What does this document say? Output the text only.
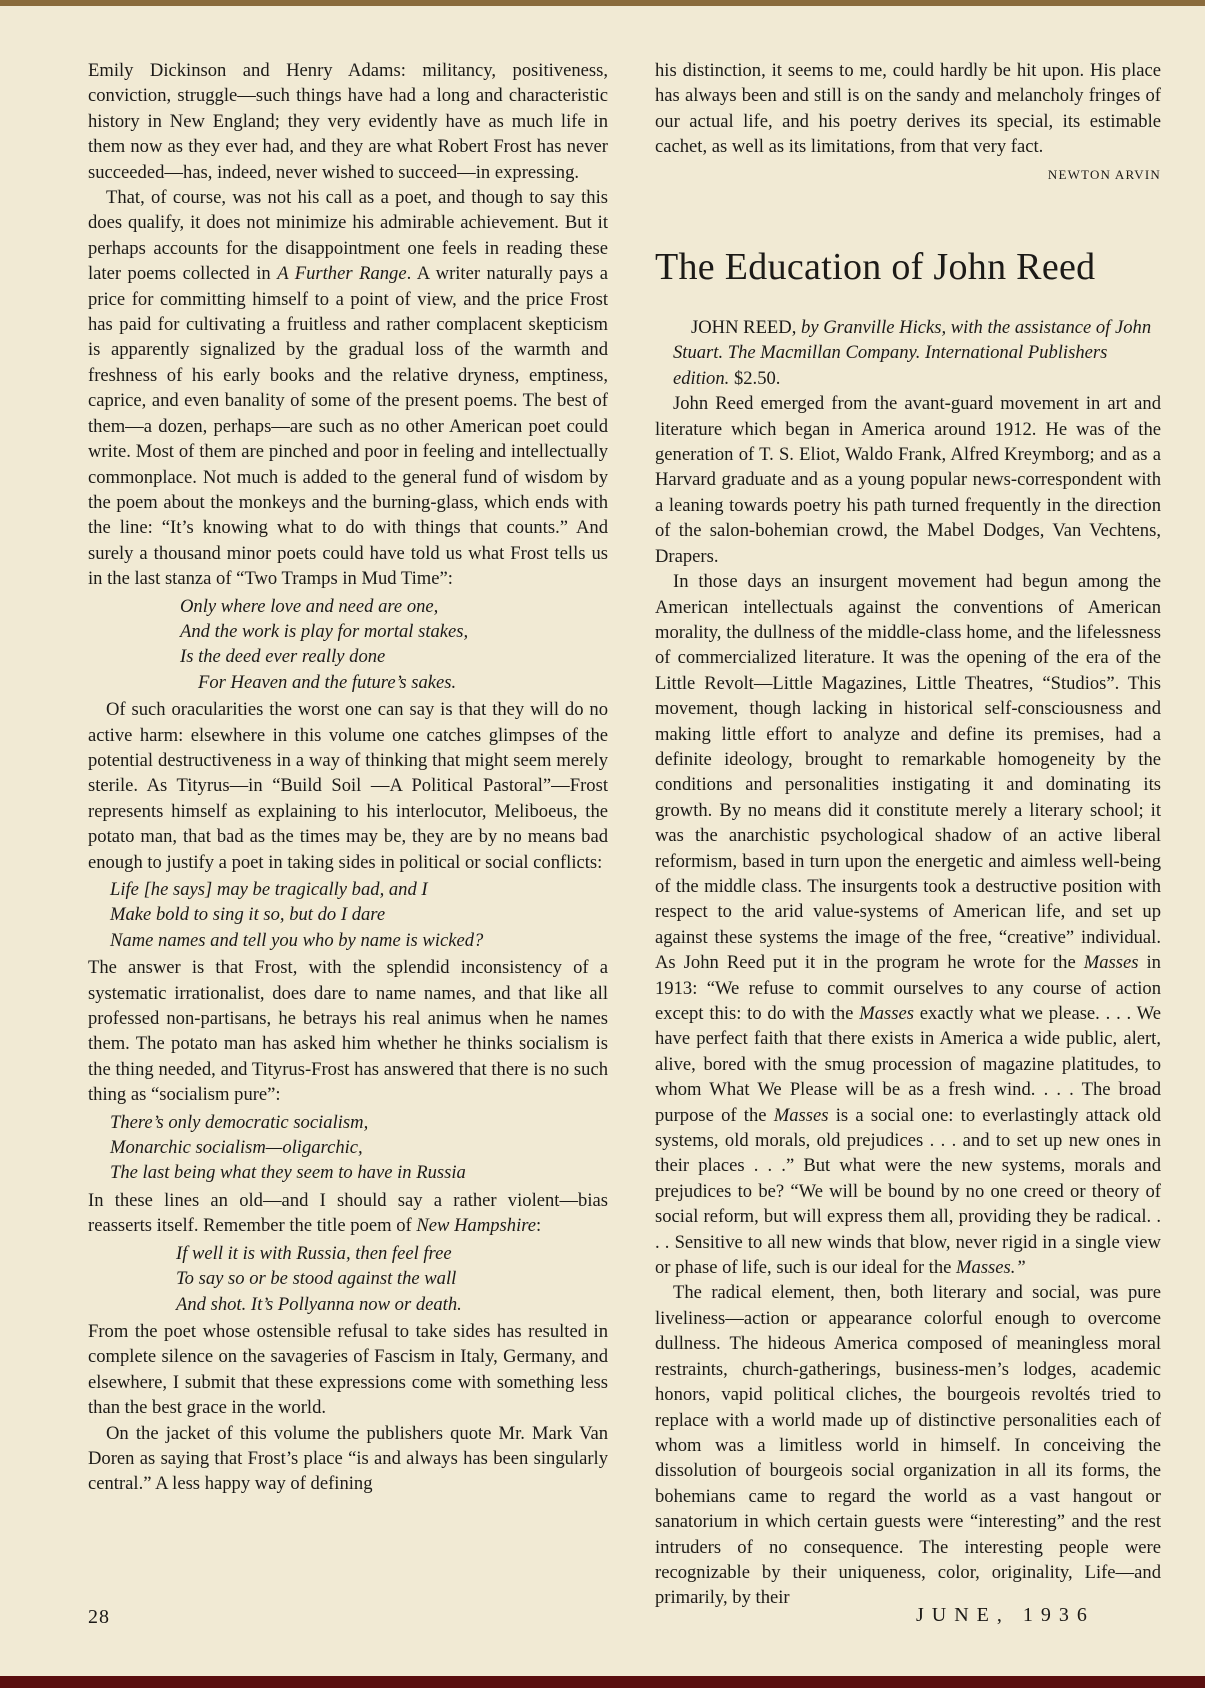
Emily Dickinson and Henry Adams: militancy, positiveness, conviction, struggle—such things have had a long and characteristic history in New England; they very evidently have as much life in them now as they ever had, and they are what Robert Frost has never succeeded—has, indeed, never wished to succeed—in expressing.

That, of course, was not his call as a poet, and though to say this does qualify, it does not minimize his admirable achievement. But it perhaps accounts for the disappointment one feels in reading these later poems collected in A Further Range. A writer naturally pays a price for committing himself to a point of view, and the price Frost has paid for cultivating a fruitless and rather complacent skepticism is apparently signalized by the gradual loss of the warmth and freshness of his early books and the relative dryness, emptiness, caprice, and even banality of some of the present poems. The best of them—a dozen, perhaps—are such as no other American poet could write. Most of them are pinched and poor in feeling and intellectually commonplace. Not much is added to the general fund of wisdom by the poem about the monkeys and the burning-glass, which ends with the line: “It’s knowing what to do with things that counts.” And surely a thousand minor poets could have told us what Frost tells us in the last stanza of “Two Tramps in Mud Time”:

Only where love and need are one,
And the work is play for mortal stakes,
Is the deed ever really done
For Heaven and the future’s sakes.

Of such oracularities the worst one can say is that they will do no active harm: elsewhere in this volume one catches glimpses of the potential destructiveness in a way of thinking that might seem merely sterile. As Tityrus—in “Build Soil —A Political Pastoral”—Frost represents himself as explaining to his interlocutor, Meliboeus, the potato man, that bad as the times may be, they are by no means bad enough to justify a poet in taking sides in political or social conflicts:

Life [he says] may be tragically bad, and I
Make bold to sing it so, but do I dare
Name names and tell you who by name is wicked?

The answer is that Frost, with the splendid inconsistency of a systematic irrationalist, does dare to name names, and that like all professed non-partisans, he betrays his real animus when he names them. The potato man has asked him whether he thinks socialism is the thing needed, and Tityrus-Frost has answered that there is no such thing as “socialism pure”:

There’s only democratic socialism,
Monarchic socialism—oligarchic,
The last being what they seem to have in Russia

In these lines an old—and I should say a rather violent—bias reasserts itself. Remember the title poem of New Hampshire:

If well it is with Russia, then feel free
To say so or be stood against the wall
And shot. It’s Pollyanna now or death.

From the poet whose ostensible refusal to take sides has resulted in complete silence on the savageries of Fascism in Italy, Germany, and elsewhere, I submit that these expressions come with something less than the best grace in the world.

On the jacket of this volume the publishers quote Mr. Mark Van Doren as saying that Frost’s place “is and always has been singularly central.” A less happy way of defining

his distinction, it seems to me, could hardly be hit upon. His place has always been and still is on the sandy and melancholy fringes of our actual life, and his poetry derives its special, its estimable cachet, as well as its limitations, from that very fact.

NEWTON ARVIN
The Education of John Reed

JOHN REED, by Granville Hicks, with the assistance of John Stuart. The Macmillan Company. International Publishers edition. $2.50.

John Reed emerged from the avant-guard movement in art and literature which began in America around 1912. He was of the generation of T. S. Eliot, Waldo Frank, Alfred Kreymborg; and as a Harvard graduate and as a young popular news-correspondent with a leaning towards poetry his path turned frequently in the direction of the salon-bohemian crowd, the Mabel Dodges, Van Vechtens, Drapers.

In those days an insurgent movement had begun among the American intellectuals against the conventions of American morality, the dullness of the middle-class home, and the lifelessness of commercialized literature. It was the opening of the era of the Little Revolt—Little Magazines, Little Theatres, “Studios”. This movement, though lacking in historical self-consciousness and making little effort to analyze and define its premises, had a definite ideology, brought to remarkable homogeneity by the conditions and personalities instigating it and dominating its growth. By no means did it constitute merely a literary school; it was the anarchistic psychological shadow of an active liberal reformism, based in turn upon the energetic and aimless well-being of the middle class. The insurgents took a destructive position with respect to the arid value-systems of American life, and set up against these systems the image of the free, “creative” individual. As John Reed put it in the program he wrote for the Masses in 1913: “We refuse to commit ourselves to any course of action except this: to do with the Masses exactly what we please. . . . We have perfect faith that there exists in America a wide public, alert, alive, bored with the smug procession of magazine platitudes, to whom What We Please will be as a fresh wind. . . . The broad purpose of the Masses is a social one: to everlastingly attack old systems, old morals, old prejudices . . . and to set up new ones in their places . . .” But what were the new systems, morals and prejudices to be? “We will be bound by no one creed or theory of social reform, but will express them all, providing they be radical. . . . Sensitive to all new winds that blow, never rigid in a single view or phase of life, such is our ideal for the Masses.”

The radical element, then, both literary and social, was pure liveliness—action or appearance colorful enough to overcome dullness. The hideous America composed of meaningless moral restraints, church-gatherings, business-men’s lodges, academic honors, vapid political cliches, the bourgeois revoltés tried to replace with a world made up of distinctive personalities each of whom was a limitless world in himself. In conceiving the dissolution of bourgeois social organization in all its forms, the bohemians came to regard the world as a vast hangout or sanatorium in which certain guests were “interesting” and the rest intruders of no consequence. The interesting people were recognizable by their uniqueness, color, originality, Life—and primarily, by their

28	JUNE, 1936
